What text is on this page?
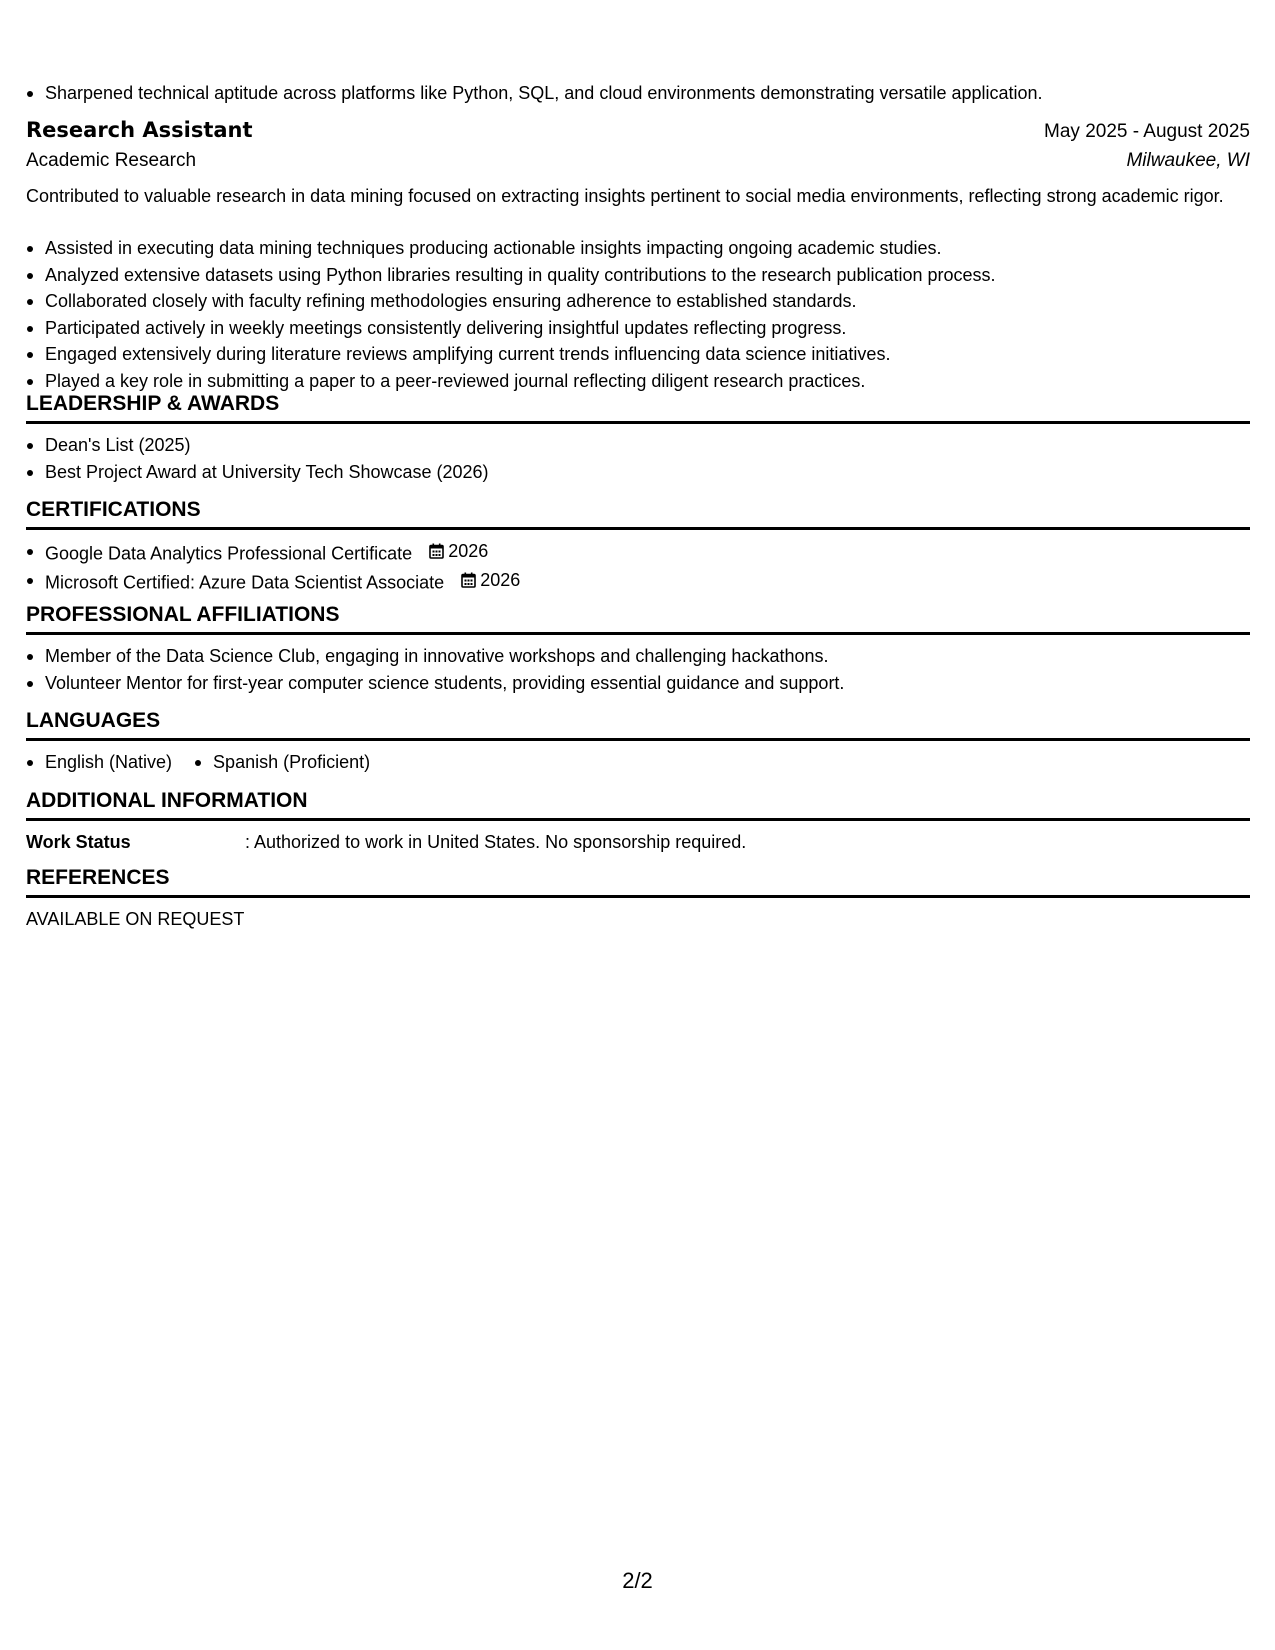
Sharpened technical aptitude across platforms like Python, SQL, and cloud environments demonstrating versatile application.
Research Assistant	May 2025 - August 2025
Academic Research	Milwaukee, WI
Contributed to valuable research in data mining focused on extracting insights pertinent to social media environments, reflecting strong academic rigor.
Assisted in executing data mining techniques producing actionable insights impacting ongoing academic studies.
Analyzed extensive datasets using Python libraries resulting in quality contributions to the research publication process.
Collaborated closely with faculty refining methodologies ensuring adherence to established standards.
Participated actively in weekly meetings consistently delivering insightful updates reflecting progress.
Engaged extensively during literature reviews amplifying current trends influencing data science initiatives.
Played a key role in submitting a paper to a peer-reviewed journal reflecting diligent research practices.
LEADERSHIP & AWARDS
Dean's List (2025)
Best Project Award at University Tech Showcase (2026)
CERTIFICATIONS
Google Data Analytics Professional Certificate 2026
Microsoft Certified: Azure Data Scientist Associate 2026
PROFESSIONAL AFFILIATIONS
Member of the Data Science Club, engaging in innovative workshops and challenging hackathons.
Volunteer Mentor for first-year computer science students, providing essential guidance and support.
LANGUAGES
English (Native)	Spanish (Proficient)
ADDITIONAL INFORMATION
Work Status	: Authorized to work in United States. No sponsorship required.
REFERENCES
AVAILABLE ON REQUEST
2/2
